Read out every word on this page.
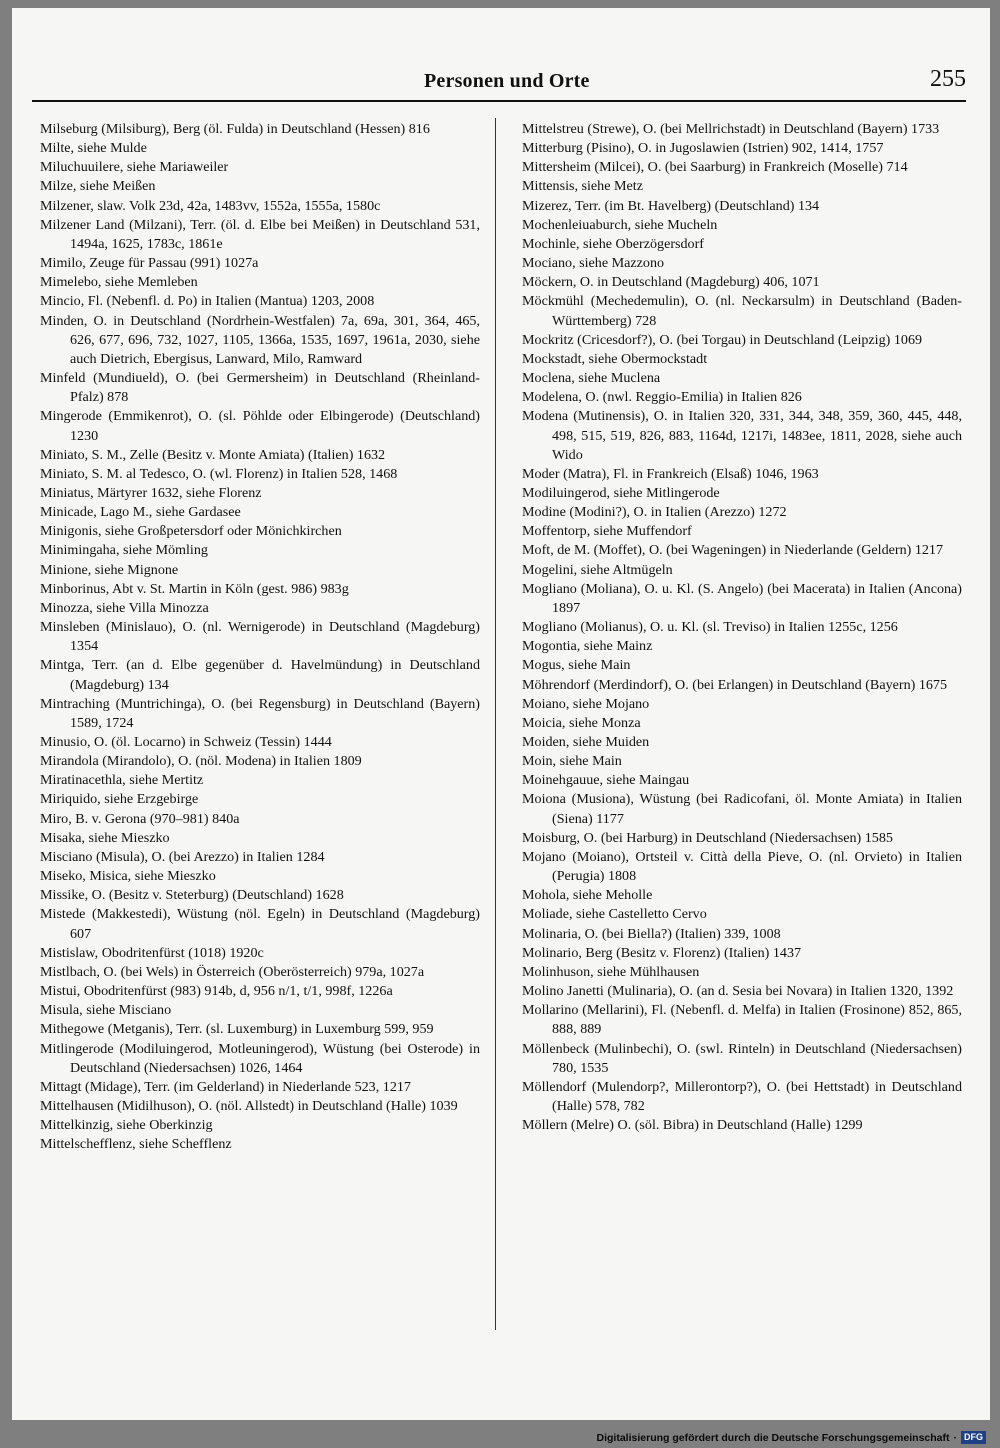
Personen und Orte	255

Milseburg (Milsiburg), Berg (öl. Fulda) in Deutschland (Hessen) 816

Milte, siehe Mulde

Miluchuuilere, siehe Mariaweiler

Milze, siehe Meißen

Milzener, slaw. Volk 23d, 42a, 1483vv, 1552a, 1555a, 1580c

Milzener Land (Milzani), Terr. (öl. d. Elbe bei Meißen) in Deutschland 531, 1494a, 1625, 1783c, 1861e

Mimilo, Zeuge für Passau (991) 1027a

Mimelebo, siehe Memleben

Mincio, Fl. (Nebenfl. d. Po) in Italien (Mantua) 1203, 2008

Minden, O. in Deutschland (Nordrhein-Westfalen) 7a, 69a, 301, 364, 465, 626, 677, 696, 732, 1027, 1105, 1366a, 1535, 1697, 1961a, 2030, siehe auch Dietrich, Ebergisus, Lanward, Milo, Ramward

Minfeld (Mundiueld), O. (bei Germersheim) in Deutschland (Rheinland-Pfalz) 878

Mingerode (Emmikenrot), O. (sl. Pöhlde oder Elbingerode) (Deutschland) 1230

Miniato, S. M., Zelle (Besitz v. Monte Amiata) (Italien) 1632

Miniato, S. M. al Tedesco, O. (wl. Florenz) in Italien 528, 1468

Miniatus, Märtyrer 1632, siehe Florenz

Minicade, Lago M., siehe Gardasee

Minigonis, siehe Großpetersdorf oder Mönichkirchen

Minimingaha, siehe Mömling

Minione, siehe Mignone

Minborinus, Abt v. St. Martin in Köln (gest. 986) 983g

Minozza, siehe Villa Minozza

Minsleben (Minislauo), O. (nl. Wernigerode) in Deutschland (Magdeburg) 1354

Mintga, Terr. (an d. Elbe gegenüber d. Havelmündung) in Deutschland (Magdeburg) 134

Mintraching (Muntrichinga), O. (bei Regensburg) in Deutschland (Bayern) 1589, 1724

Minusio, O. (öl. Locarno) in Schweiz (Tessin) 1444

Mirandola (Mirandolo), O. (nöl. Modena) in Italien 1809

Miratinacethla, siehe Mertitz

Miriquido, siehe Erzgebirge

Miro, B. v. Gerona (970–981) 840a

Misaka, siehe Mieszko

Misciano (Misula), O. (bei Arezzo) in Italien 1284

Miseko, Misica, siehe Mieszko

Missike, O. (Besitz v. Steterburg) (Deutschland) 1628

Mistede (Makkestedi), Wüstung (nöl. Egeln) in Deutschland (Magdeburg) 607

Mistislaw, Obodritenfürst (1018) 1920c

Mistlbach, O. (bei Wels) in Österreich (Oberösterreich) 979a, 1027a

Mistui, Obodritenfürst (983) 914b, d, 956 n/1, t/1, 998f, 1226a

Misula, siehe Misciano

Mithegowe (Metganis), Terr. (sl. Luxemburg) in Luxemburg 599, 959

Mitlingerode (Modiluingerod, Motleuningerod), Wüstung (bei Osterode) in Deutschland (Niedersachsen) 1026, 1464

Mittagt (Midage), Terr. (im Gelderland) in Niederlande 523, 1217

Mittelhausen (Midilhuson), O. (nöl. Allstedt) in Deutschland (Halle) 1039

Mittelkinzig, siehe Oberkinzig

Mittelschefflenz, siehe Schefflenz

Mittelstreu (Strewe), O. (bei Mellrichstadt) in Deutschland (Bayern) 1733

Mitterburg (Pisino), O. in Jugoslawien (Istrien) 902, 1414, 1757

Mittersheim (Milcei), O. (bei Saarburg) in Frankreich (Moselle) 714

Mittensis, siehe Metz

Mizerez, Terr. (im Bt. Havelberg) (Deutschland) 134

Mochenleiuaburch, siehe Mucheln

Mochinle, siehe Oberzögersdorf

Mociano, siehe Mazzono

Möckern, O. in Deutschland (Magdeburg) 406, 1071

Möckmühl (Mechedemulin), O. (nl. Neckarsulm) in Deutschland (Baden-Württemberg) 728

Mockritz (Cricesdorf?), O. (bei Torgau) in Deutschland (Leipzig) 1069

Mockstadt, siehe Obermockstadt

Moclena, siehe Muclena

Modelena, O. (nwl. Reggio-Emilia) in Italien 826

Modena (Mutinensis), O. in Italien 320, 331, 344, 348, 359, 360, 445, 448, 498, 515, 519, 826, 883, 1164d, 1217i, 1483ee, 1811, 2028, siehe auch Wido

Moder (Matra), Fl. in Frankreich (Elsaß) 1046, 1963

Modiluingerod, siehe Mitlingerode

Modine (Modini?), O. in Italien (Arezzo) 1272

Moffentorp, siehe Muffendorf

Moft, de M. (Moffet), O. (bei Wageningen) in Niederlande (Geldern) 1217

Mogelini, siehe Altmügeln

Mogliano (Moliana), O. u. Kl. (S. Angelo) (bei Macerata) in Italien (Ancona) 1897

Mogliano (Molianus), O. u. Kl. (sl. Treviso) in Italien 1255c, 1256

Mogontia, siehe Mainz

Mogus, siehe Main

Möhrendorf (Merdindorf), O. (bei Erlangen) in Deutschland (Bayern) 1675

Moiano, siehe Mojano

Moicia, siehe Monza

Moiden, siehe Muiden

Moin, siehe Main

Moinehgauue, siehe Maingau

Moiona (Musiona), Wüstung (bei Radicofani, öl. Monte Amiata) in Italien (Siena) 1177

Moisburg, O. (bei Harburg) in Deutschland (Niedersachsen) 1585

Mojano (Moiano), Ortsteil v. Città della Pieve, O. (nl. Orvieto) in Italien (Perugia) 1808

Mohola, siehe Meholle

Moliade, siehe Castelletto Cervo

Molinaria, O. (bei Biella?) (Italien) 339, 1008

Molinario, Berg (Besitz v. Florenz) (Italien) 1437

Molinhuson, siehe Mühlhausen

Molino Janetti (Mulinaria), O. (an d. Sesia bei Novara) in Italien 1320, 1392

Mollarino (Mellarini), Fl. (Nebenfl. d. Melfa) in Italien (Frosinone) 852, 865, 888, 889

Möllenbeck (Mulinbechi), O. (swl. Rinteln) in Deutschland (Niedersachsen) 780, 1535

Möllendorf (Mulendorp?, Millerontorp?), O. (bei Hettstadt) in Deutschland (Halle) 578, 782

Möllern (Melre) O. (söl. Bibra) in Deutschland (Halle) 1299

Digitalisierung gefördert durch die Deutsche Forschungsgemeinschaft · DFG
